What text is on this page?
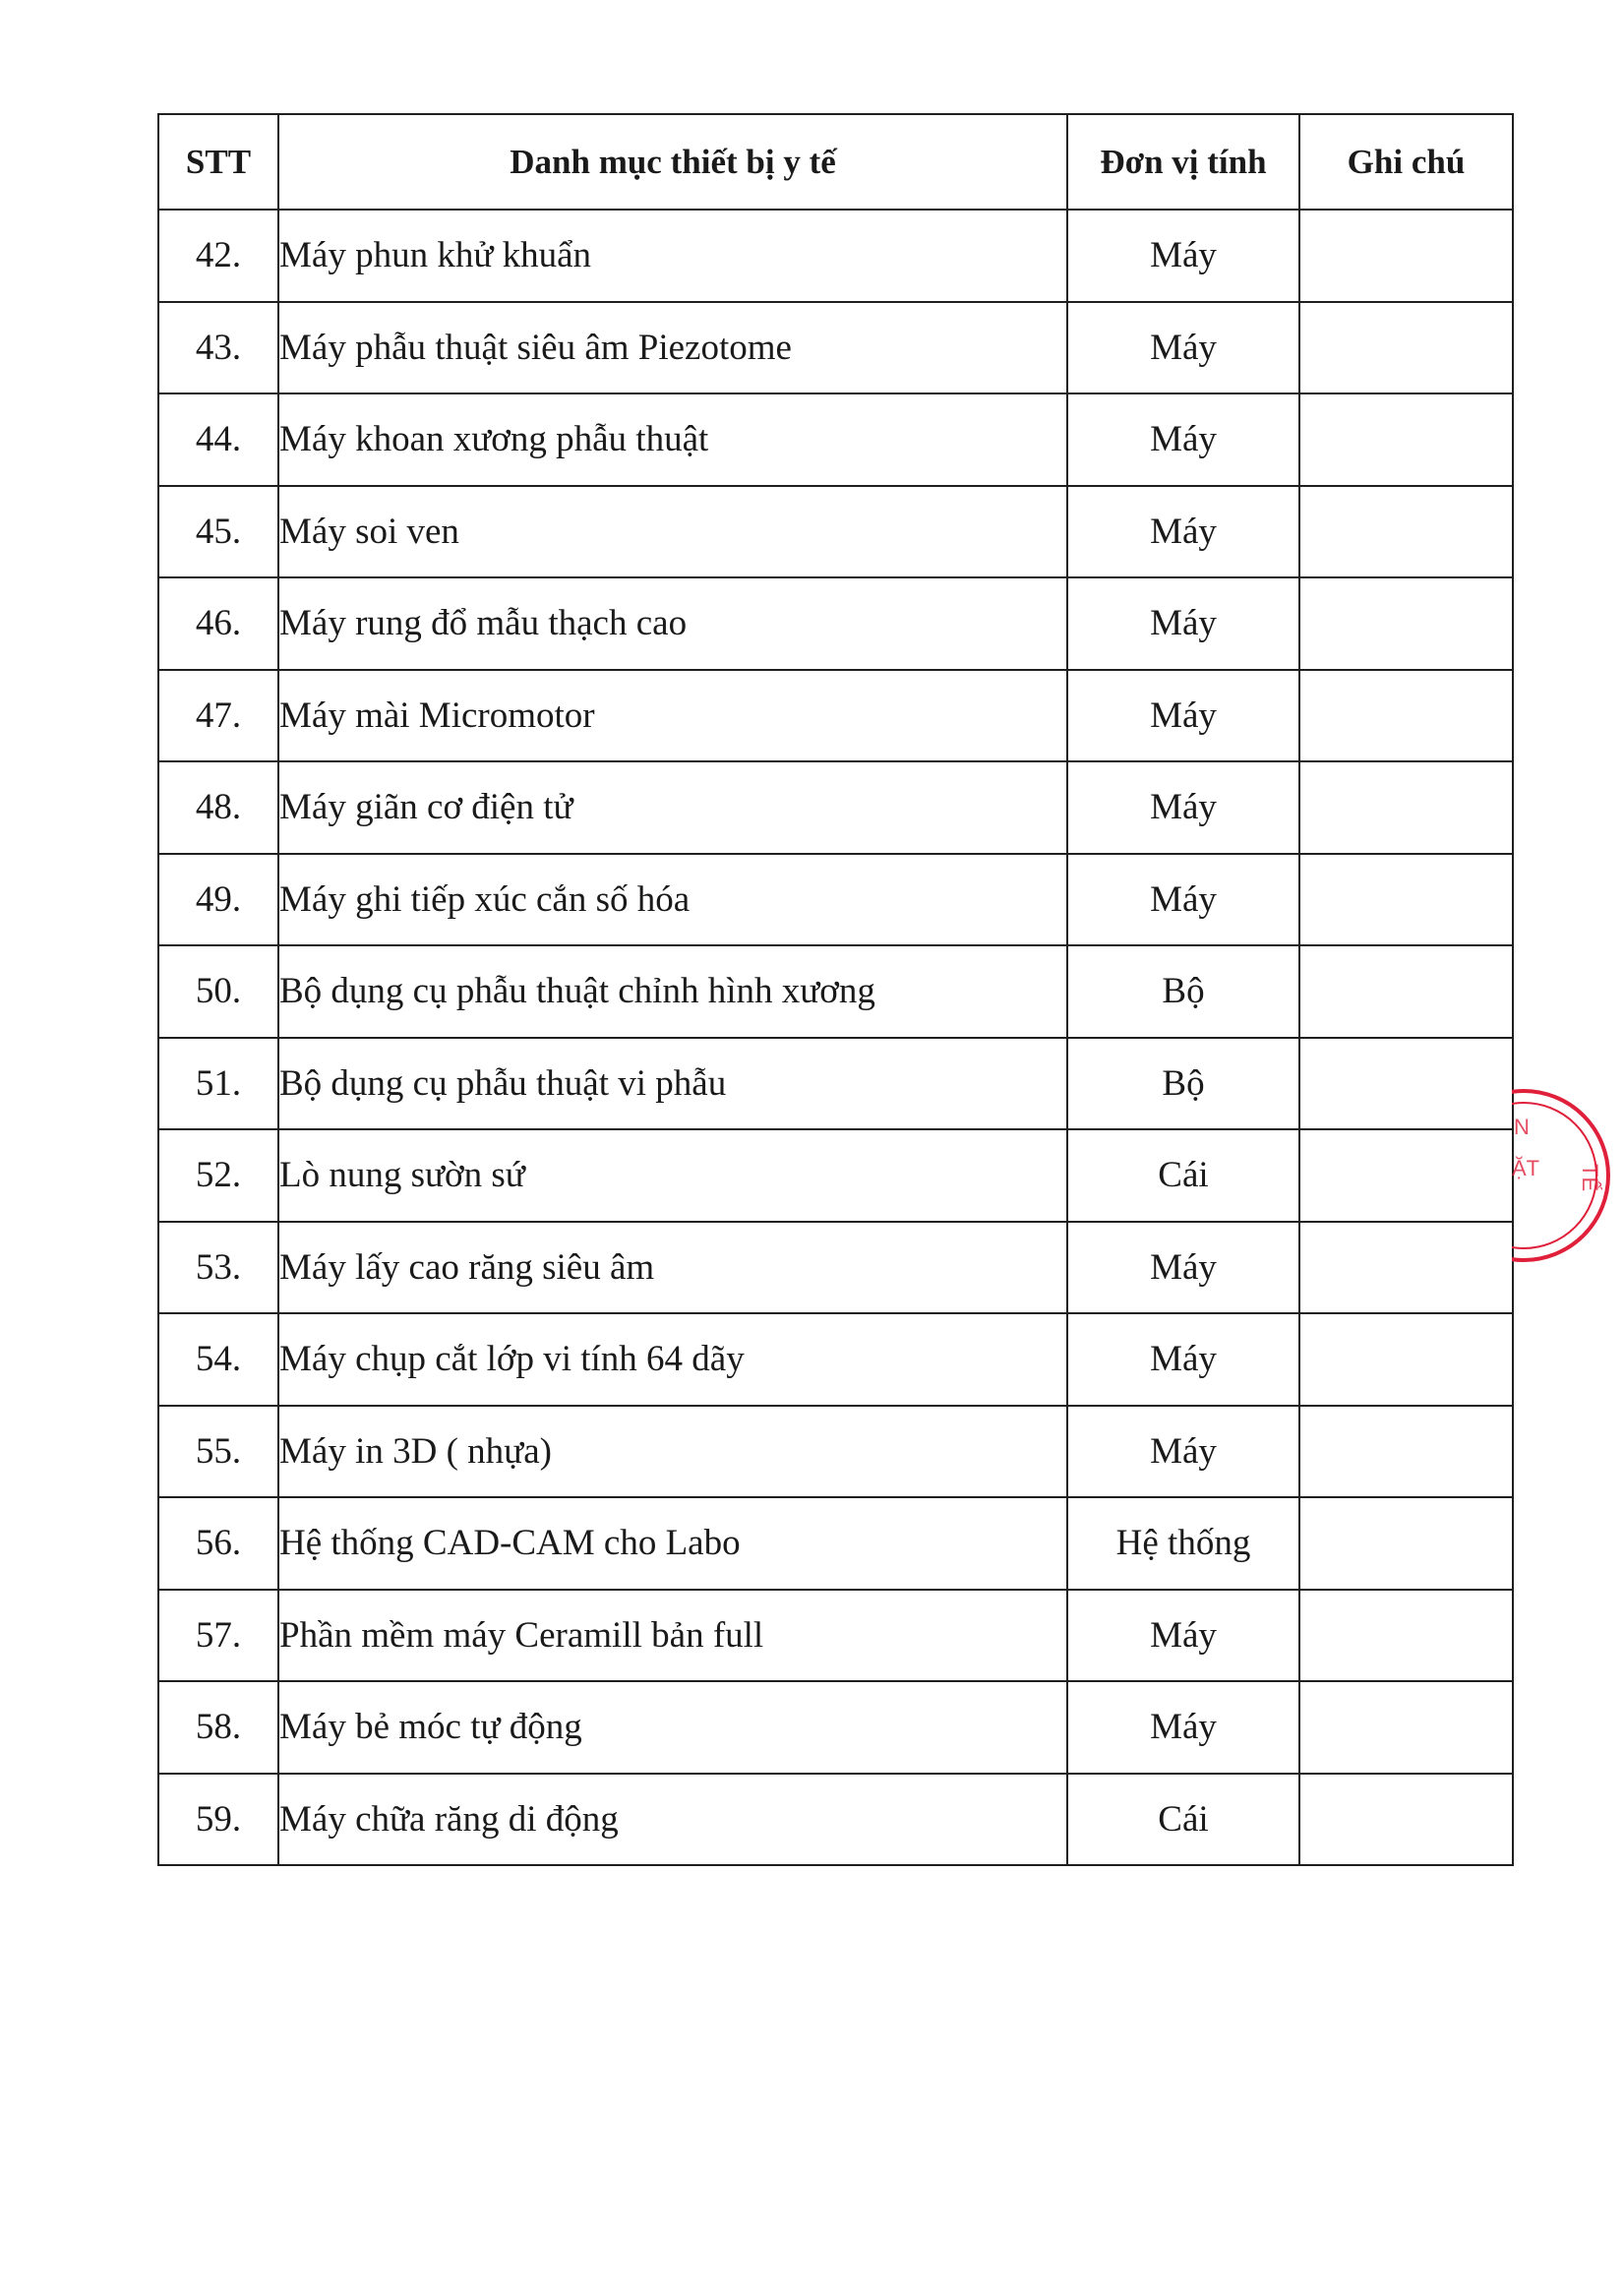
STT	Danh mục thiết bị y tế	Đơn vị tính	Ghi chú
42.	Máy phun khử khuẩn	Máy	
43.	Máy phẫu thuật siêu âm Piezotome	Máy	
44.	Máy khoan xương phẫu thuật	Máy	
45.	Máy soi ven	Máy	
46.	Máy rung đổ mẫu thạch cao	Máy	
47.	Máy mài Micromotor	Máy	
48.	Máy giãn cơ điện tử	Máy	
49.	Máy ghi tiếp xúc cắn số hóa	Máy	
50.	Bộ dụng cụ phẫu thuật chỉnh hình xương	Bộ	
51.	Bộ dụng cụ phẫu thuật vi phẫu	Bộ	
52.	Lò nung sườn sứ	Cái	
53.	Máy lấy cao răng siêu âm	Máy	
54.	Máy chụp cắt lớp vi tính 64 dãy	Máy	
55.	Máy in 3D ( nhựa)	Máy	
56.	Hệ thống CAD-CAM cho Labo	Hệ thống	
57.	Phần mềm máy Ceramill bản full	Máy	
58.	Máy bẻ móc tự động	Máy	
59.	Máy chữa răng di động	Cái	
N
ẶT TẾ
